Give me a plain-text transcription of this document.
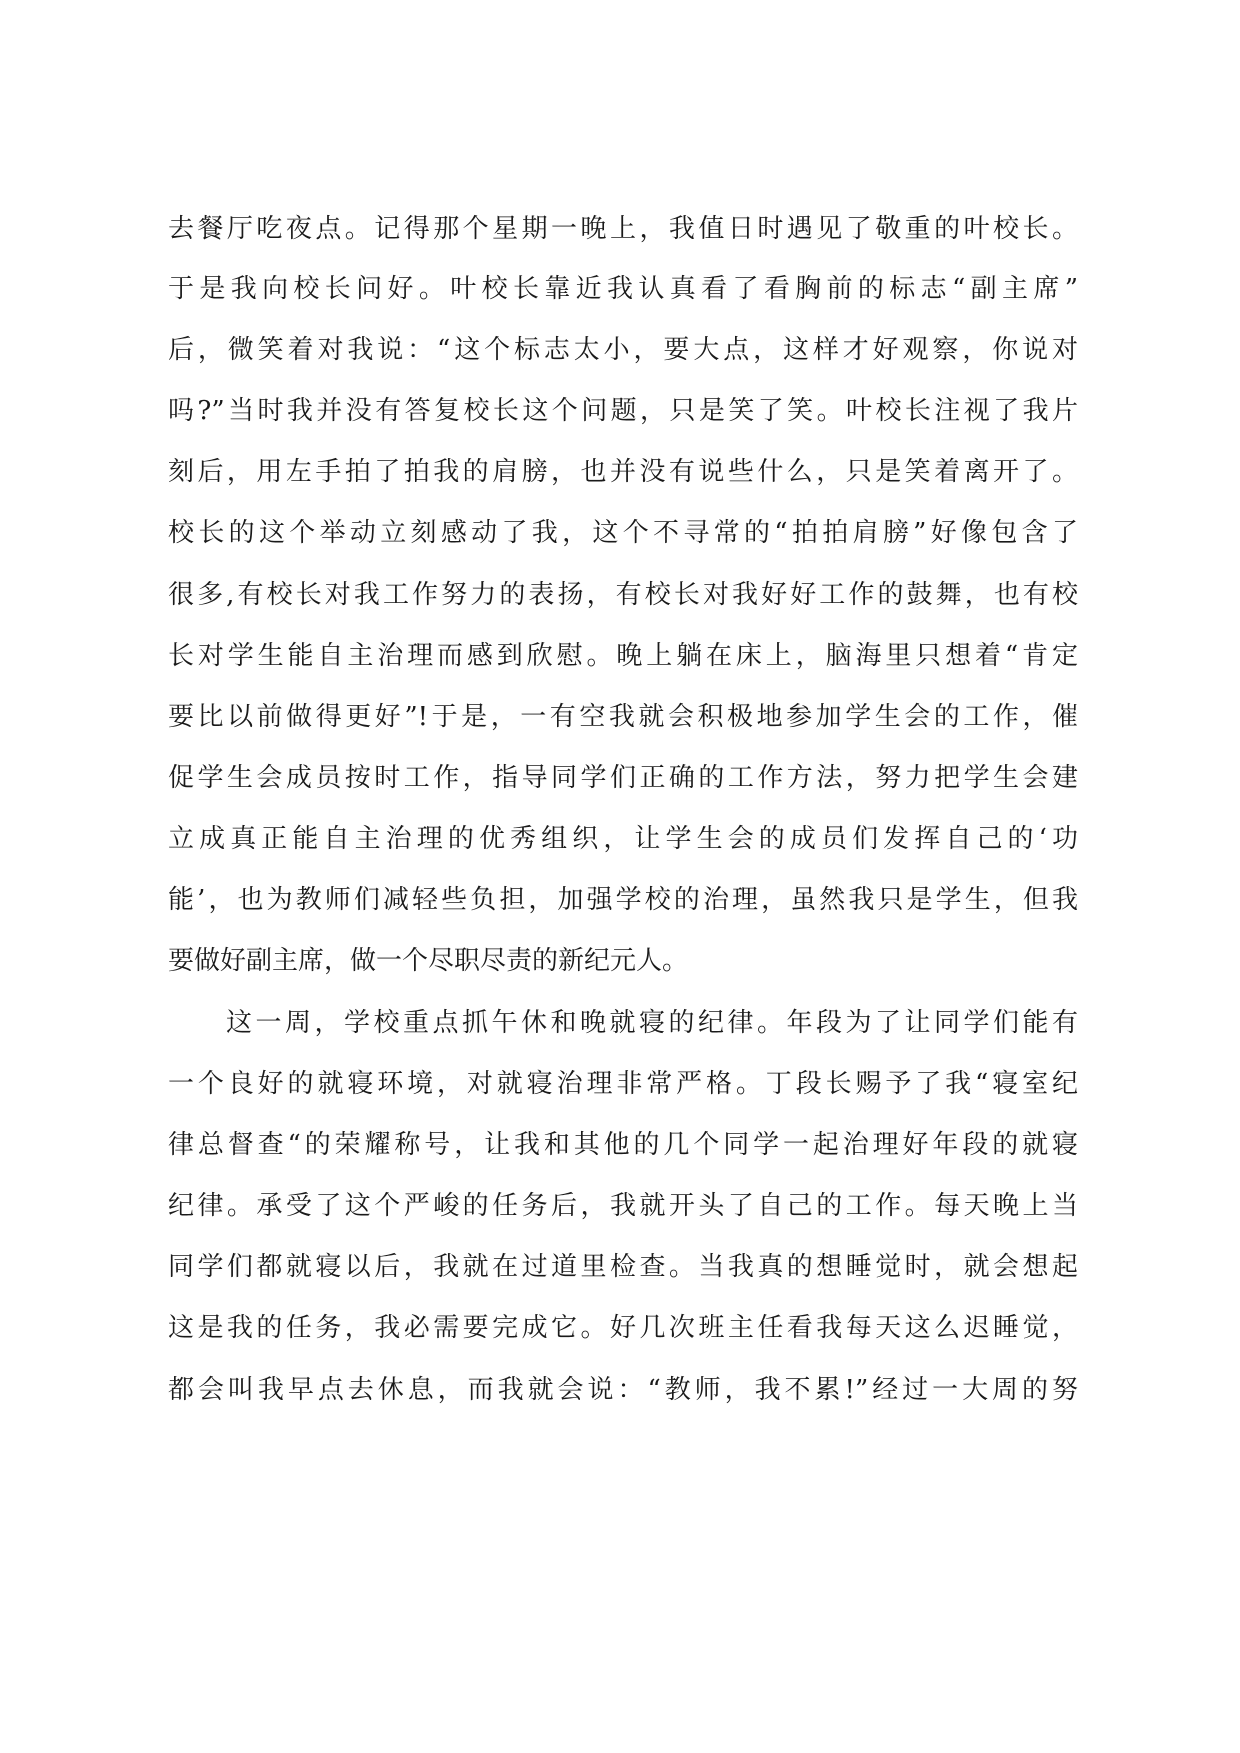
去餐厅吃夜点。记得那个星期一晚上，我值日时遇见了敬重的叶校长。
于是我向校长问好。叶校长靠近我认真看了看胸前的标志“副主席”
后，微笑着对我说：“这个标志太小，要大点，这样才好观察，你说对
吗?”当时我并没有答复校长这个问题，只是笑了笑。叶校长注视了我片
刻后，用左手拍了拍我的肩膀，也并没有说些什么，只是笑着离开了。
校长的这个举动立刻感动了我，这个不寻常的“拍拍肩膀”好像包含了
很多,有校长对我工作努力的表扬，有校长对我好好工作的鼓舞，也有校
长对学生能自主治理而感到欣慰。晚上躺在床上，脑海里只想着“肯定
要比以前做得更好”!于是，一有空我就会积极地参加学生会的工作，催
促学生会成员按时工作，指导同学们正确的工作方法，努力把学生会建
立成真正能自主治理的优秀组织，让学生会的成员们发挥自己的‘功
能’，也为教师们减轻些负担，加强学校的治理，虽然我只是学生，但我
要做好副主席，做一个尽职尽责的新纪元人。
这一周，学校重点抓午休和晚就寝的纪律。年段为了让同学们能有
一个良好的就寝环境，对就寝治理非常严格。丁段长赐予了我“寝室纪
律总督查“的荣耀称号，让我和其他的几个同学一起治理好年段的就寝
纪律。承受了这个严峻的任务后，我就开头了自己的工作。每天晚上当
同学们都就寝以后，我就在过道里检查。当我真的想睡觉时，就会想起
这是我的任务，我必需要完成它。好几次班主任看我每天这么迟睡觉，
都会叫我早点去休息，而我就会说：“教师，我不累!”经过一大周的努
